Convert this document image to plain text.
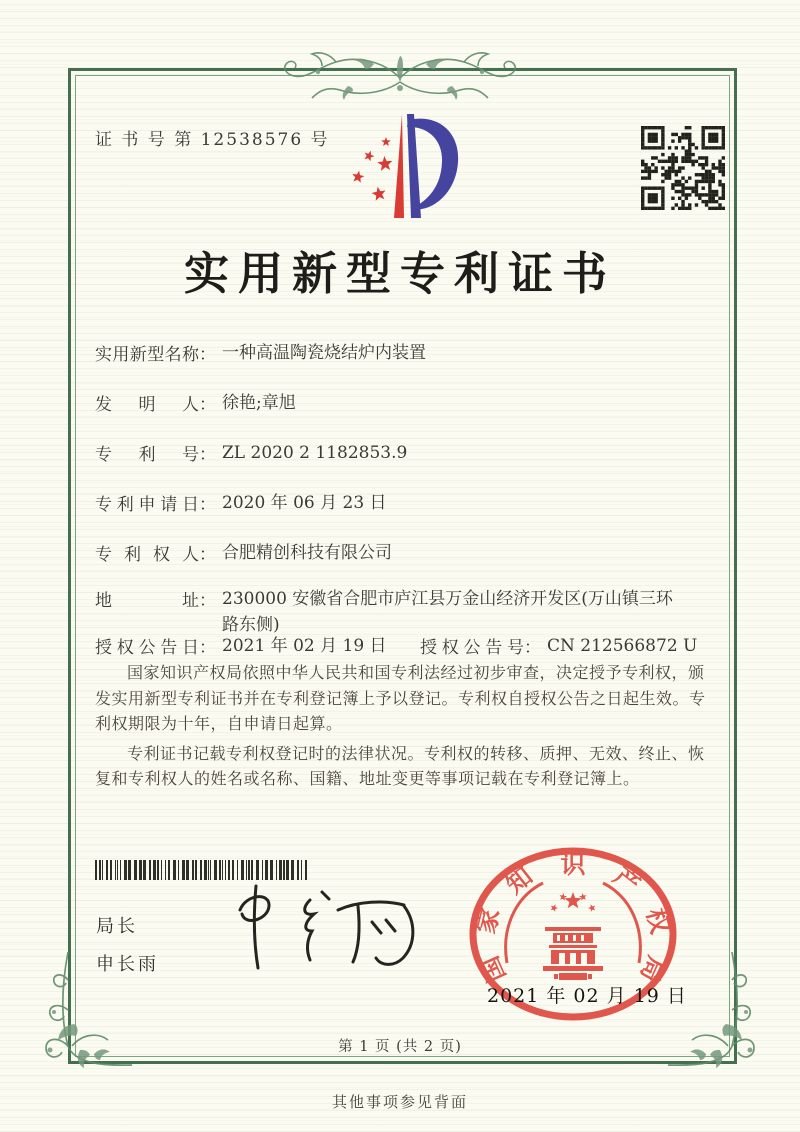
证 书 号 第 12538576 号
实用新型专利证书
实用新型名称： 一种高温陶瓷烧结炉内装置
发明人： 徐艳;章旭
专利号： ZL 2020 2 1182853.9
专利申请日： 2020 年 06 月 23 日
专利权人： 合肥精创科技有限公司
地址： 230000 安徽省合肥市庐江县万金山经济开发区(万山镇三环路东侧)
授权公告日： 2021 年 02 月 19 日 授权公告号： CN 212566872 U

国家知识产权局依照中华人民共和国专利法经过初步审查，决定授予专利权，颁发实用新型专利证书并在专利登记簿上予以登记。专利权自授权公告之日起生效。专利权期限为十年，自申请日起算。

专利证书记载专利权登记时的法律状况。专利权的转移、质押、无效、终止、恢复和专利权人的姓名或名称、国籍、地址变更等事项记载在专利登记簿上。

局长
申长雨	国
家
知 识 产
权
局
2021 年 02 月 19 日
第 1 页 (共 2 页)
其他事项参见背面
